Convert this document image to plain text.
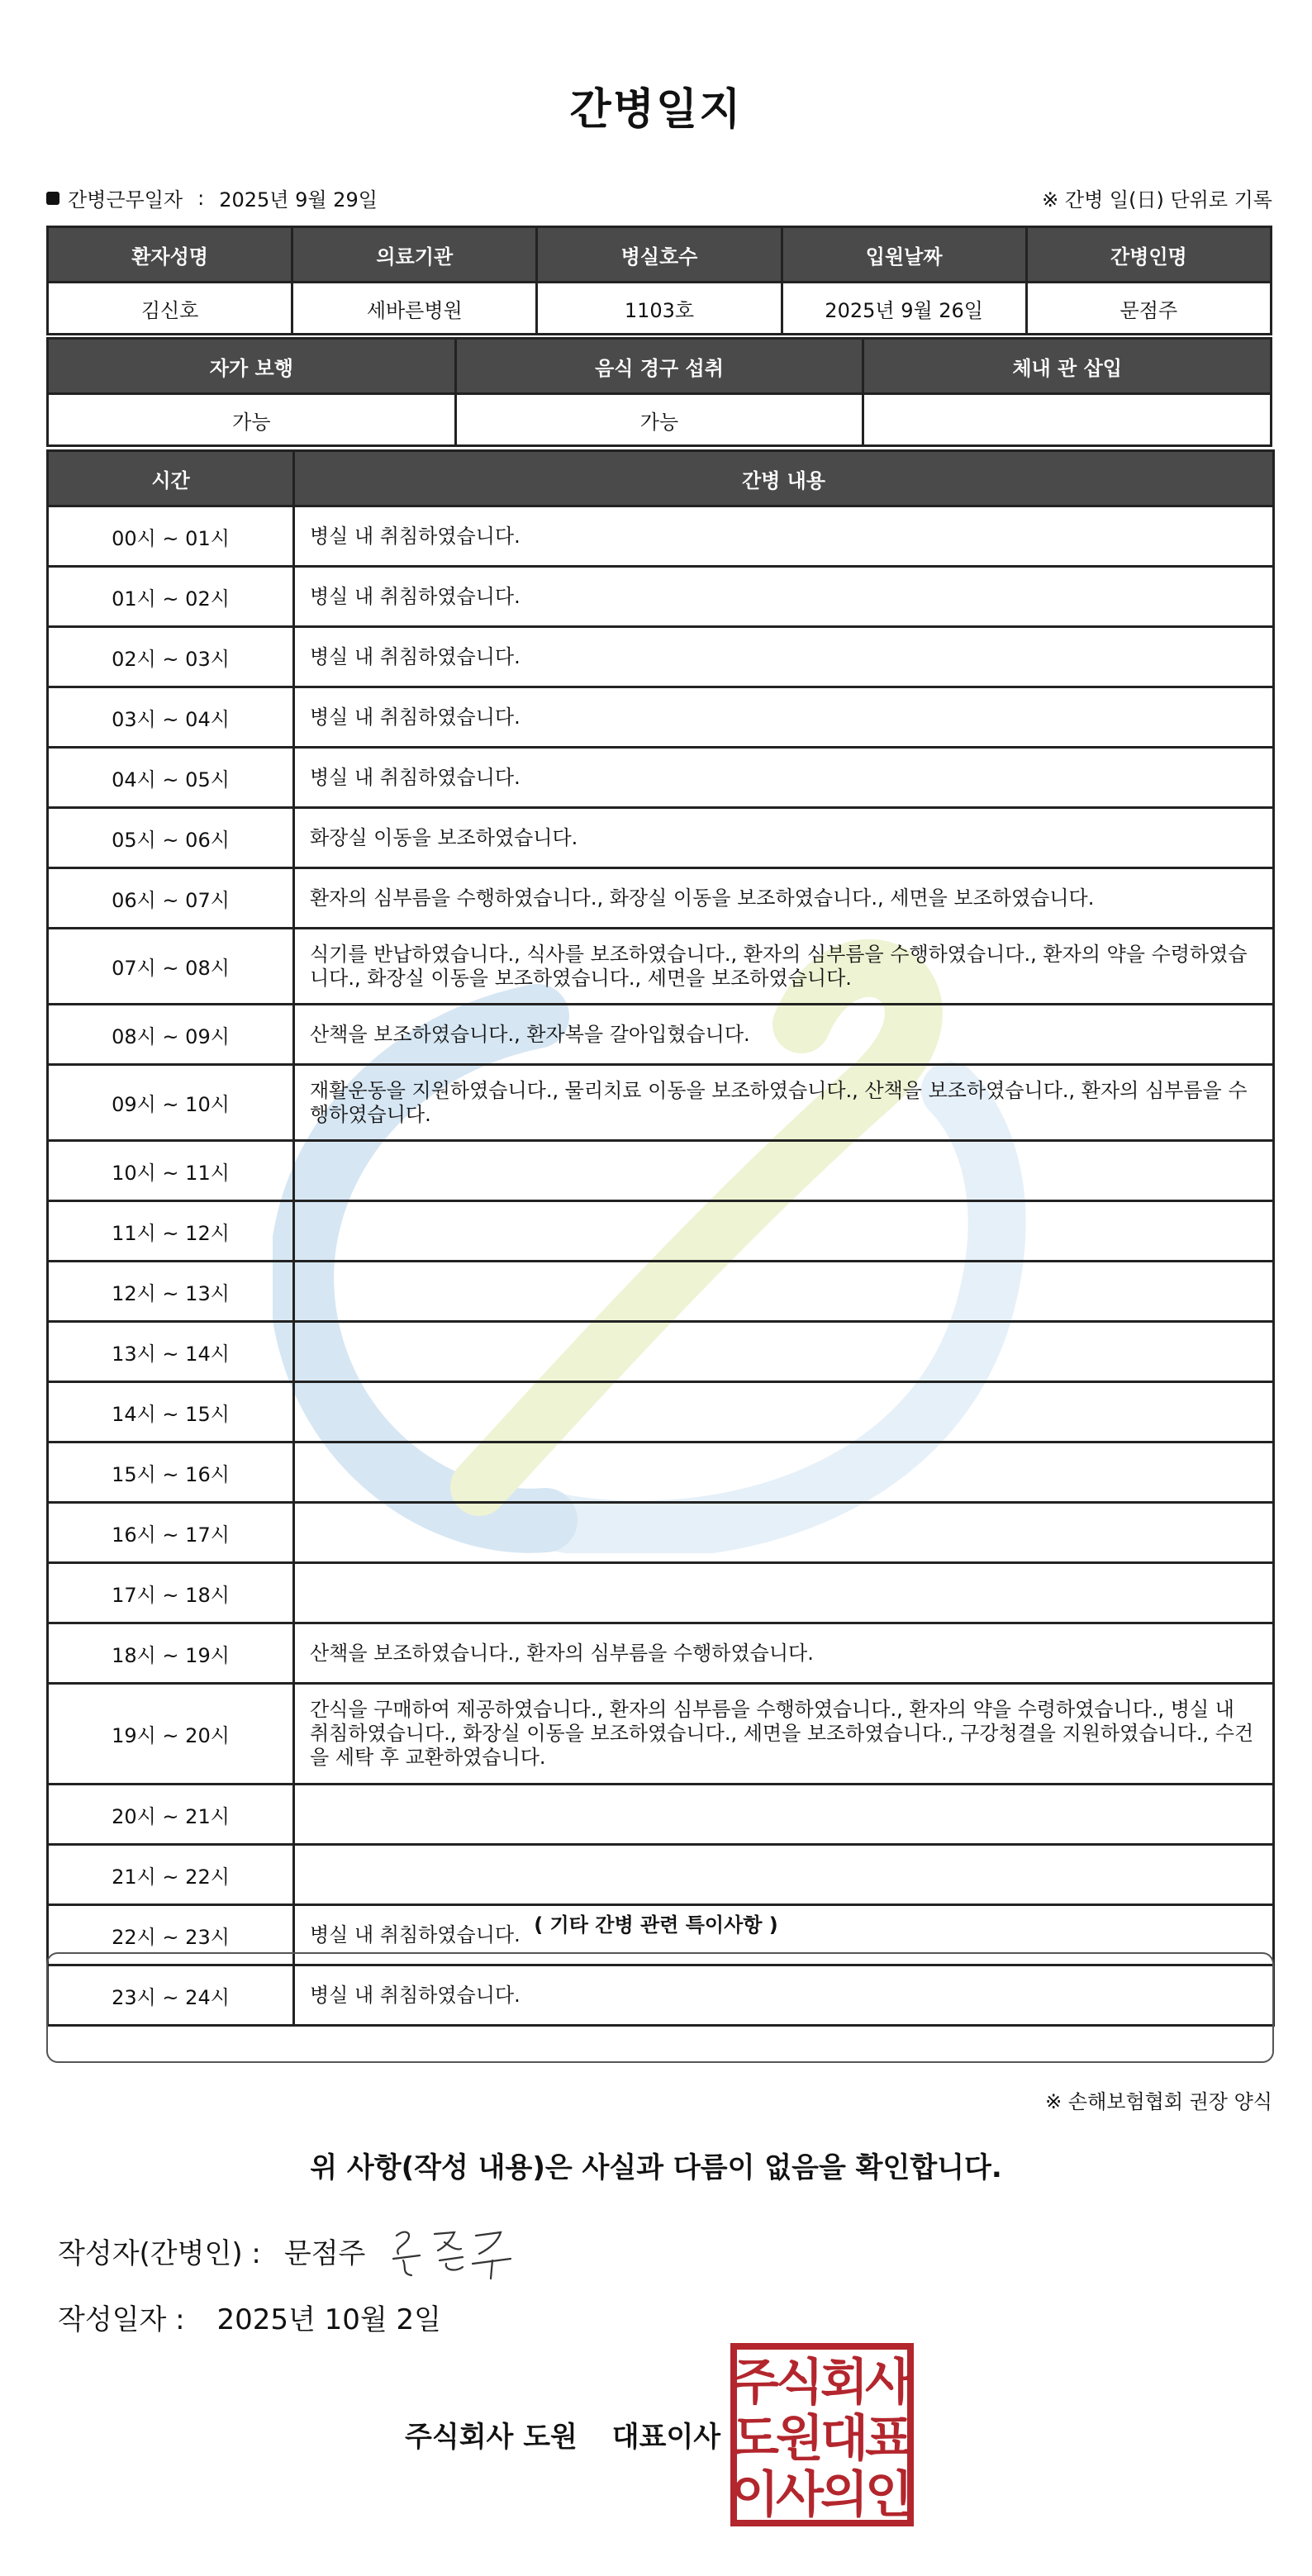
간병일지
간병근무일자 : 2025년 9월 29일	※ 간병 일(日) 단위로 기록
환자성명	의료기관	병실호수	입원날짜	간병인명
김신호	세바른병원	1103호	2025년 9월 26일	문점주
자가 보행	음식 경구 섭취	체내 관 삽입
가능	가능	
시간	간병 내용
00시 ~ 01시	병실 내 취침하였습니다.
01시 ~ 02시	병실 내 취침하였습니다.
02시 ~ 03시	병실 내 취침하였습니다.
03시 ~ 04시	병실 내 취침하였습니다.
04시 ~ 05시	병실 내 취침하였습니다.
05시 ~ 06시	화장실 이동을 보조하였습니다.
06시 ~ 07시	환자의 심부름을 수행하였습니다., 화장실 이동을 보조하였습니다., 세면을 보조하였습니다.
07시 ~ 08시	식기를 반납하였습니다., 식사를 보조하였습니다., 환자의 심부름을 수행하였습니다., 환자의 약을 수령하였습니다., 화장실 이동을 보조하였습니다., 세면을 보조하였습니다.
08시 ~ 09시	산책을 보조하였습니다., 환자복을 갈아입혔습니다.
09시 ~ 10시	재활운동을 지원하였습니다., 물리치료 이동을 보조하였습니다., 산책을 보조하였습니다., 환자의 심부름을 수행하였습니다.
10시 ~ 11시	
11시 ~ 12시	
12시 ~ 13시	
13시 ~ 14시	
14시 ~ 15시	
15시 ~ 16시	
16시 ~ 17시	
17시 ~ 18시	
18시 ~ 19시	산책을 보조하였습니다., 환자의 심부름을 수행하였습니다.
19시 ~ 20시	간식을 구매하여 제공하였습니다., 환자의 심부름을 수행하였습니다., 환자의 약을 수령하였습니다., 병실 내 취침하였습니다., 화장실 이동을 보조하였습니다., 세면을 보조하였습니다., 구강청결을 지원하였습니다., 수건을 세탁 후 교환하였습니다.
20시 ~ 21시	
21시 ~ 22시	
22시 ~ 23시	병실 내 취침하였습니다.
23시 ~ 24시	병실 내 취침하였습니다.
( 기타 간병 관련 특이사항 )
※ 손해보험협회 권장 양식
위 사항(작성 내용)은 사실과 다름이 없음을 확인합니다.
작성자(간병인) : 문점주
작성일자 : 2025년 10월 2일
주식회사 도원 대표이사
주
식
회
사
도
원
대
표
이
사
의
인
